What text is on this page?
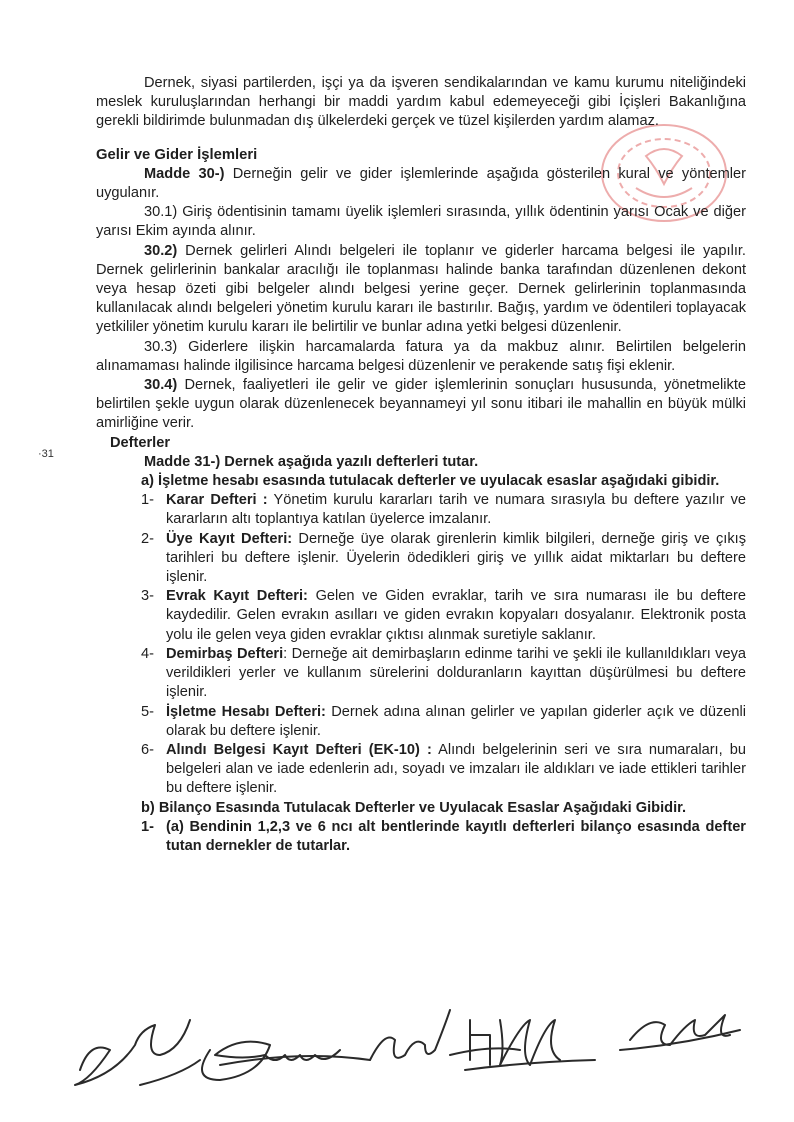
·31

Dernek, siyasi partilerden, işçi ya da işveren sendikalarından ve kamu kurumu niteliğindeki meslek kuruluşlarından herhangi bir maddi yardım kabul edemeyeceği gibi İçişleri Bakanlığına gerekli bildirimde bulunmadan dış ülkelerdeki gerçek ve tüzel kişilerden yardım alamaz.

Gelir ve Gider İşlemleri

Madde 30-) Derneğin gelir ve gider işlemlerinde aşağıda gösterilen kural ve yöntemler uygulanır.

30.1) Giriş ödentisinin tamamı üyelik işlemleri sırasında, yıllık ödentinin yarısı Ocak ve diğer yarısı Ekim ayında alınır.

30.2) Dernek gelirleri Alındı belgeleri ile toplanır ve giderler harcama belgesi ile yapılır. Dernek gelirlerinin bankalar aracılığı ile toplanması halinde banka tarafından düzenlenen dekont veya hesap özeti gibi belgeler alındı belgesi yerine geçer. Dernek gelirlerinin toplanmasında kullanılacak alındı belgeleri yönetim kurulu kararı ile bastırılır. Bağış, yardım ve ödentileri toplayacak yetkililer yönetim kurulu kararı ile belirtilir ve bunlar adına yetki belgesi düzenlenir.

30.3) Giderlere ilişkin harcamalarda fatura ya da makbuz alınır. Belirtilen belgelerin alınamaması halinde ilgilisince harcama belgesi düzenlenir ve perakende satış fişi eklenir.

30.4) Dernek, faaliyetleri ile gelir ve gider işlemlerinin sonuçları hususunda, yönetmelikte belirtilen şekle uygun olarak düzenlenecek beyannameyi yıl sonu itibari ile mahallin en büyük mülki amirliğine verir.

Defterler

Madde 31-) Dernek aşağıda yazılı defterleri tutar.

a) İşletme hesabı esasında tutulacak defterler ve uyulacak esaslar aşağıdaki gibidir.

1- Karar Defteri : Yönetim kurulu kararları tarih ve numara sırasıyla bu deftere yazılır ve kararların altı toplantıya katılan üyelerce imzalanır.
2- Üye Kayıt Defteri: Derneğe üye olarak girenlerin kimlik bilgileri, derneğe giriş ve çıkış tarihleri bu deftere işlenir. Üyelerin ödedikleri giriş ve yıllık aidat miktarları bu deftere işlenir.
3- Evrak Kayıt Defteri: Gelen ve Giden evraklar, tarih ve sıra numarası ile bu deftere kaydedilir. Gelen evrakın asılları ve giden evrakın kopyaları dosyalanır. Elektronik posta yolu ile gelen veya giden evraklar çıktısı alınmak suretiyle saklanır.
4- Demirbaş Defteri: Derneğe ait demirbaşların edinme tarihi ve şekli ile kullanıldıkları veya verildikleri yerler ve kullanım sürelerini dolduranların kayıttan düşürülmesi bu deftere işlenir.
5- İşletme Hesabı Defteri: Dernek adına alınan gelirler ve yapılan giderler açık ve düzenli olarak bu deftere işlenir.
6- Alındı Belgesi Kayıt Defteri (EK-10) : Alındı belgelerinin seri ve sıra numaraları, bu belgeleri alan ve iade edenlerin adı, soyadı ve imzaları ile aldıkları ve iade ettikleri tarihler bu deftere işlenir.

b) Bilanço Esasında Tutulacak Defterler ve Uyulacak Esaslar Aşağıdaki Gibidir.

1- (a) Bendinin 1,2,3 ve 6 ncı alt bentlerinde kayıtlı defterleri bilanço esasında defter tutan dernekler de tutarlar.
